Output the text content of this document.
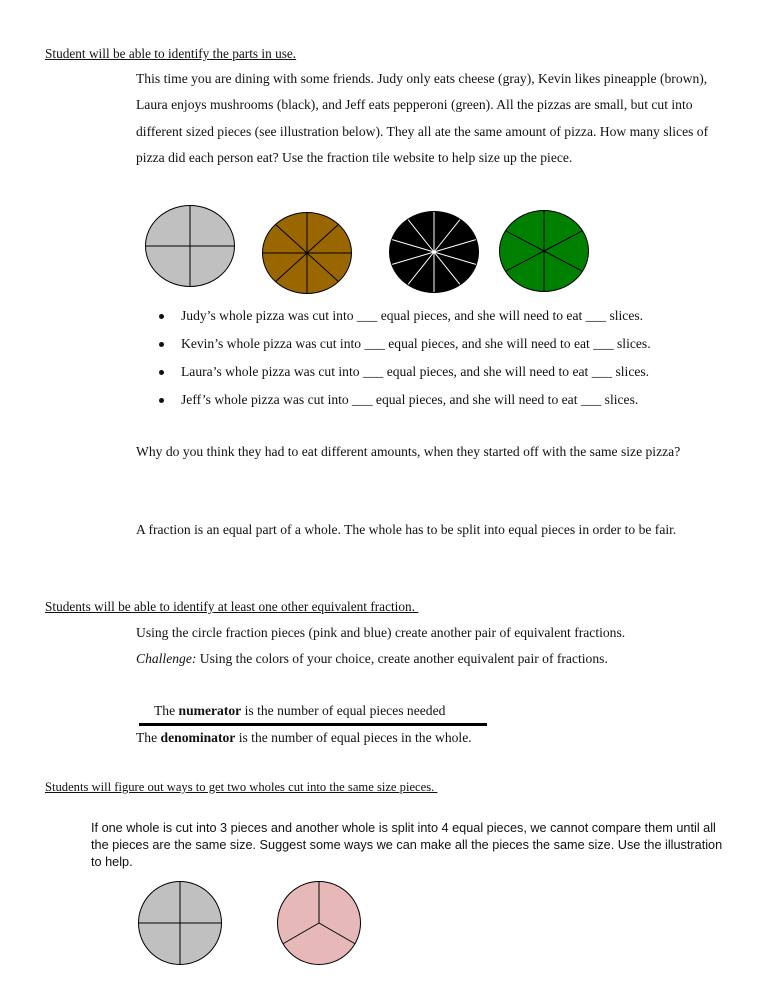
Student will be able to identify the parts in use.
This time you are dining with some friends. Judy only eats cheese (gray), Kevin likes pineapple (brown), Laura enjoys mushrooms (black), and Jeff eats pepperoni (green). All the pizzas are small, but cut into different sized pieces (see illustration below). They all ate the same amount of pizza. How many slices of pizza did each person eat? Use the fraction tile website to help size up the piece.
Judy’s whole pizza was cut into ___ equal pieces, and she will need to eat ___ slices.
Kevin’s whole pizza was cut into ___ equal pieces, and she will need to eat ___ slices.
Laura’s whole pizza was cut into ___ equal pieces, and she will need to eat ___ slices.
Jeff’s whole pizza was cut into ___ equal pieces, and she will need to eat ___ slices.
Why do you think they had to eat different amounts, when they started off with the same size pizza?
A fraction is an equal part of a whole. The whole has to be split into equal pieces in order to be fair.
Students will be able to identify at least one other equivalent fraction.
Using the circle fraction pieces (pink and blue) create another pair of equivalent fractions.
Challenge: Using the colors of your choice, create another equivalent pair of fractions.
The numerator is the number of equal pieces needed
The denominator is the number of equal pieces in the whole.
Students will figure out ways to get two wholes cut into the same size pieces.
If one whole is cut into 3 pieces and another whole is split into 4 equal pieces, we cannot compare them until all the pieces are the same size. Suggest some ways we can make all the pieces the same size. Use the illustration to help.
